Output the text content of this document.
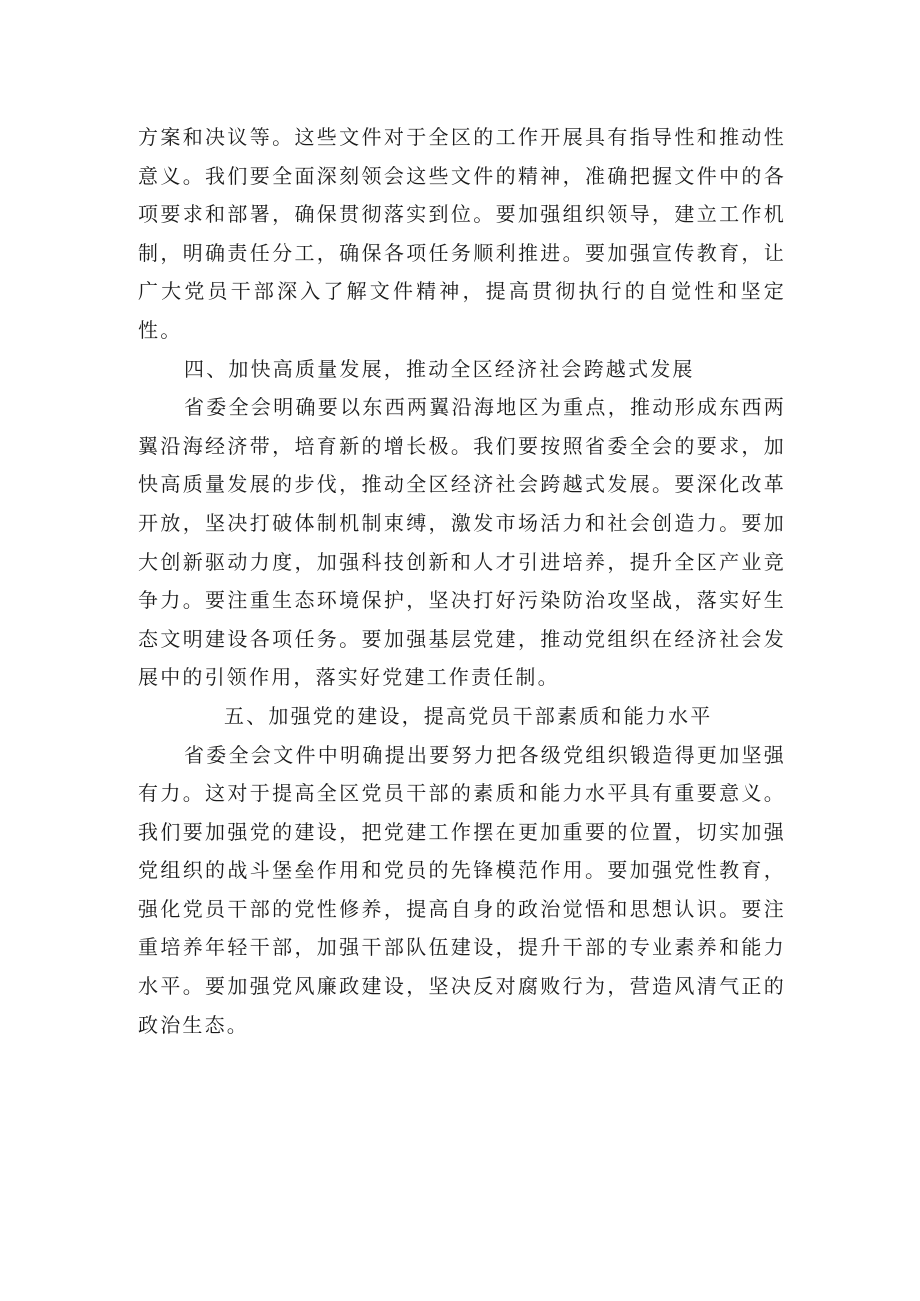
方案和决议等。这些文件对于全区的工作开展具有指导性和推动性意义。我们要全面深刻领会这些文件的精神，准确把握文件中的各项要求和部署，确保贯彻落实到位。要加强组织领导，建立工作机制，明确责任分工，确保各项任务顺利推进。要加强宣传教育，让广大党员干部深入了解文件精神，提高贯彻执行的自觉性和坚定性。

四、加快高质量发展，推动全区经济社会跨越式发展

省委全会明确要以东西两翼沿海地区为重点，推动形成东西两翼沿海经济带，培育新的增长极。我们要按照省委全会的要求，加快高质量发展的步伐，推动全区经济社会跨越式发展。要深化改革开放，坚决打破体制机制束缚，激发市场活力和社会创造力。要加大创新驱动力度，加强科技创新和人才引进培养，提升全区产业竞争力。要注重生态环境保护，坚决打好污染防治攻坚战，落实好生态文明建设各项任务。要加强基层党建，推动党组织在经济社会发展中的引领作用，落实好党建工作责任制。

五、加强党的建设，提高党员干部素质和能力水平

省委全会文件中明确提出要努力把各级党组织锻造得更加坚强有力。这对于提高全区党员干部的素质和能力水平具有重要意义。我们要加强党的建设，把党建工作摆在更加重要的位置，切实加强党组织的战斗堡垒作用和党员的先锋模范作用。要加强党性教育，强化党员干部的党性修养，提高自身的政治觉悟和思想认识。要注重培养年轻干部，加强干部队伍建设，提升干部的专业素养和能力水平。要加强党风廉政建设，坚决反对腐败行为，营造风清气正的政治生态。
